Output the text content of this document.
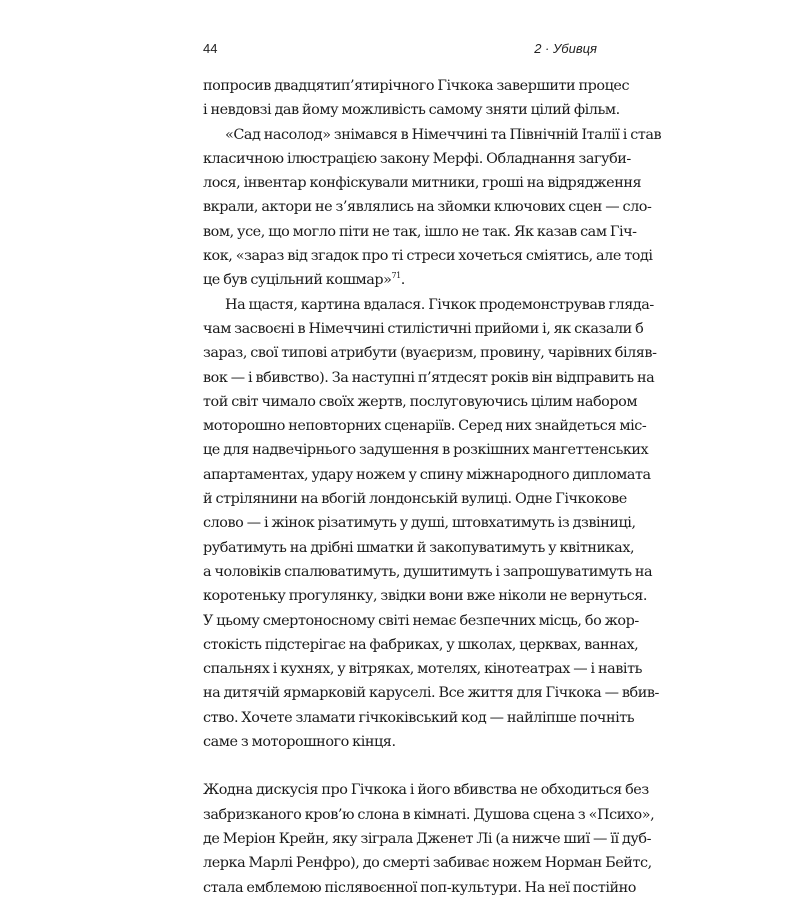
44	2 · Убивця

попросив двадцятип’ятирічного Гічкока завершити процес
і невдовзі дав йому можливість самому зняти цілий фільм.

«Сад насолод» знімався в Німеччині та Північній Італії і став
класичною ілюстрацією закону Мерфі. Обладнання загуби-
лося, інвентар конфіскували митники, гроші на відрядження
вкрали, актори не з’являлись на зйомки ключових сцен — сло-
вом, усе, що могло піти не так, ішло не так. Як казав сам Гіч-
кок, «зараз від згадок про ті стреси хочеться сміятись, але тоді
це був суцільний кошмар»$^{71}$.

На щастя, картина вдалася. Гічкок продемонстрував гляда-
чам засвоєні в Німеччині стилістичні прийоми і, як сказали б
зараз, свої типові атрибути (вуаєризм, провину, чарівних бiляв-
вок — і вбивство). За наступні п’ятдесят років він відправить на
той світ чимало своїх жертв, послуговуючись цілим набором
моторошно неповторних сценаріїв. Серед них знайдеться міс-
це для надвечірнього задушення в розкішних мангеттенських
апартаментах, удару ножем у спину міжнародного дипломата
й стрілянини на вбогій лондонській вулиці. Одне Гічкокове
слово — і жінок різатимуть у душі, штовхатимуть із дзвіниці,
рубатимуть на дрібні шматки й закопуватимуть у квітниках,
а чоловіків спалюватимуть, душитимуть і запрошуватимуть на
коротеньку прогулянку, звідки вони вже ніколи не вернуться.
У цьому смертоносному світі немає безпечних місць, бо жор-
стокість підстерігає на фабриках, у школах, церквах, ваннах,
спальнях і кухнях, у вітряках, мотелях, кінотеатрах — і навіть
на дитячій ярмарковій каруселі. Все життя для Гічкока — вбив-
ство. Хочете зламати гічкоківський код — найліпше почніть
саме з моторошного кінця.

Жодна дискусія про Гічкока і його вбивства не обходиться без
забризканого кров’ю слона в кімнаті. Душова сцена з «Психо»,
де Меріон Крейн, яку зіграла Дженет Лі (а нижче шиї — її дуб-
лерка Марлі Ренфро), до смерті забиває ножем Норман Бейтс,
стала емблемою післявоєнної поп-культури. На неї постійно
